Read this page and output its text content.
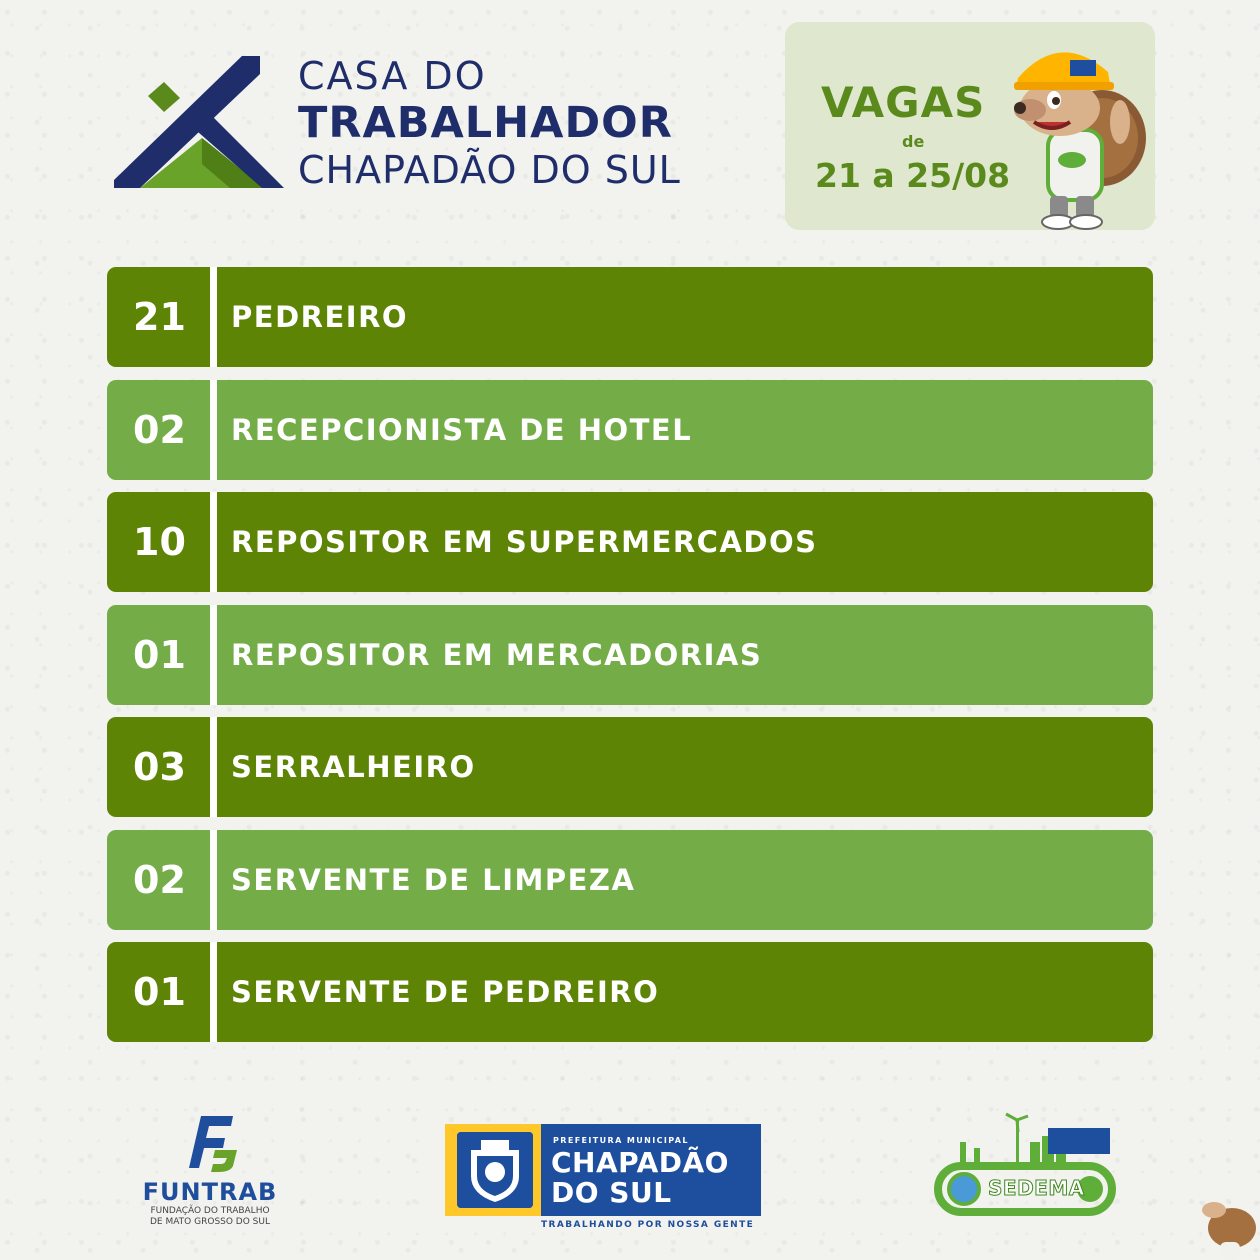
CASA DO
TRABALHADOR
CHAPADÃO DO SUL
VAGAS
de
21 a 25/08
21	PEDREIRO
02	RECEPCIONISTA DE HOTEL
10	REPOSITOR EM SUPERMERCADOS
01	REPOSITOR EM MERCADORIAS
03	SERRALHEIRO
02	SERVENTE DE LIMPEZA
01	SERVENTE DE PEDREIRO
FUNTRAB
FUNDAÇÃO DO TRABALHO
DE MATO GROSSO DO SUL
PREFEITURA MUNICIPAL
CHAPADÃO
DO SUL
TRABALHANDO POR NOSSA GENTE
SEDEMA
